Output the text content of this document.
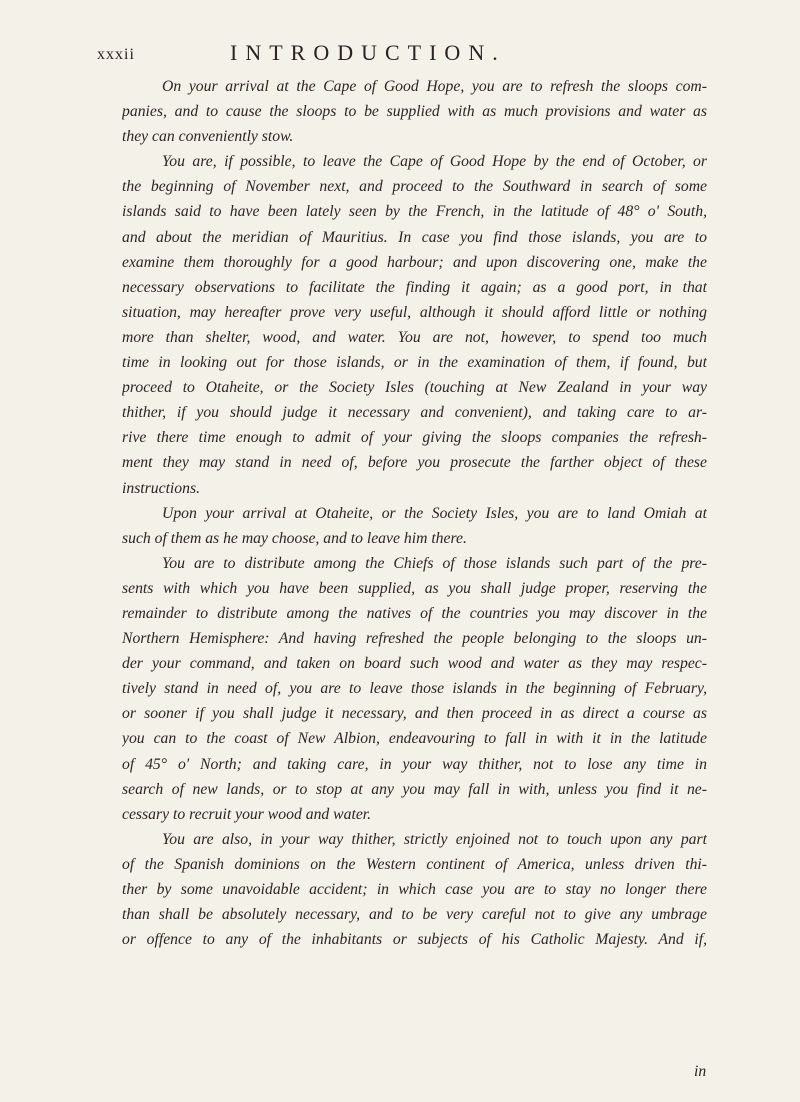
xxxii	INTRODUCTION.
On your arrival at the Cape of Good Hope, you are to refresh the sloops com-
panies, and to cause the sloops to be supplied with as much provisions and water as
they can conveniently stow.
You are, if possible, to leave the Cape of Good Hope by the end of October, or
the beginning of November next, and proceed to the Southward in search of some
islands said to have been lately seen by the French, in the latitude of 48° o' South,
and about the meridian of Mauritius. In case you find those islands, you are to
examine them thoroughly for a good harbour; and upon discovering one, make the
necessary observations to facilitate the finding it again; as a good port, in that
situation, may hereafter prove very useful, although it should afford little or nothing
more than shelter, wood, and water. You are not, however, to spend too much
time in looking out for those islands, or in the examination of them, if found, but
proceed to Otaheite, or the Society Isles (touching at New Zealand in your way
thither, if you should judge it necessary and convenient), and taking care to ar-
rive there time enough to admit of your giving the sloops companies the refresh-
ment they may stand in need of, before you prosecute the farther object of these
instructions.
Upon your arrival at Otaheite, or the Society Isles, you are to land Omiah at
such of them as he may choose, and to leave him there.
You are to distribute among the Chiefs of those islands such part of the pre-
sents with which you have been supplied, as you shall judge proper, reserving the
remainder to distribute among the natives of the countries you may discover in the
Northern Hemisphere: And having refreshed the people belonging to the sloops un-
der your command, and taken on board such wood and water as they may respec-
tively stand in need of, you are to leave those islands in the beginning of February,
or sooner if you shall judge it necessary, and then proceed in as direct a course as
you can to the coast of New Albion, endeavouring to fall in with it in the latitude
of 45° o' North; and taking care, in your way thither, not to lose any time in
search of new lands, or to stop at any you may fall in with, unless you find it ne-
cessary to recruit your wood and water.
You are also, in your way thither, strictly enjoined not to touch upon any part
of the Spanish dominions on the Western continent of America, unless driven thi-
ther by some unavoidable accident; in which case you are to stay no longer there
than shall be absolutely necessary, and to be very careful not to give any umbrage
or offence to any of the inhabitants or subjects of his Catholic Majesty. And if,
in
